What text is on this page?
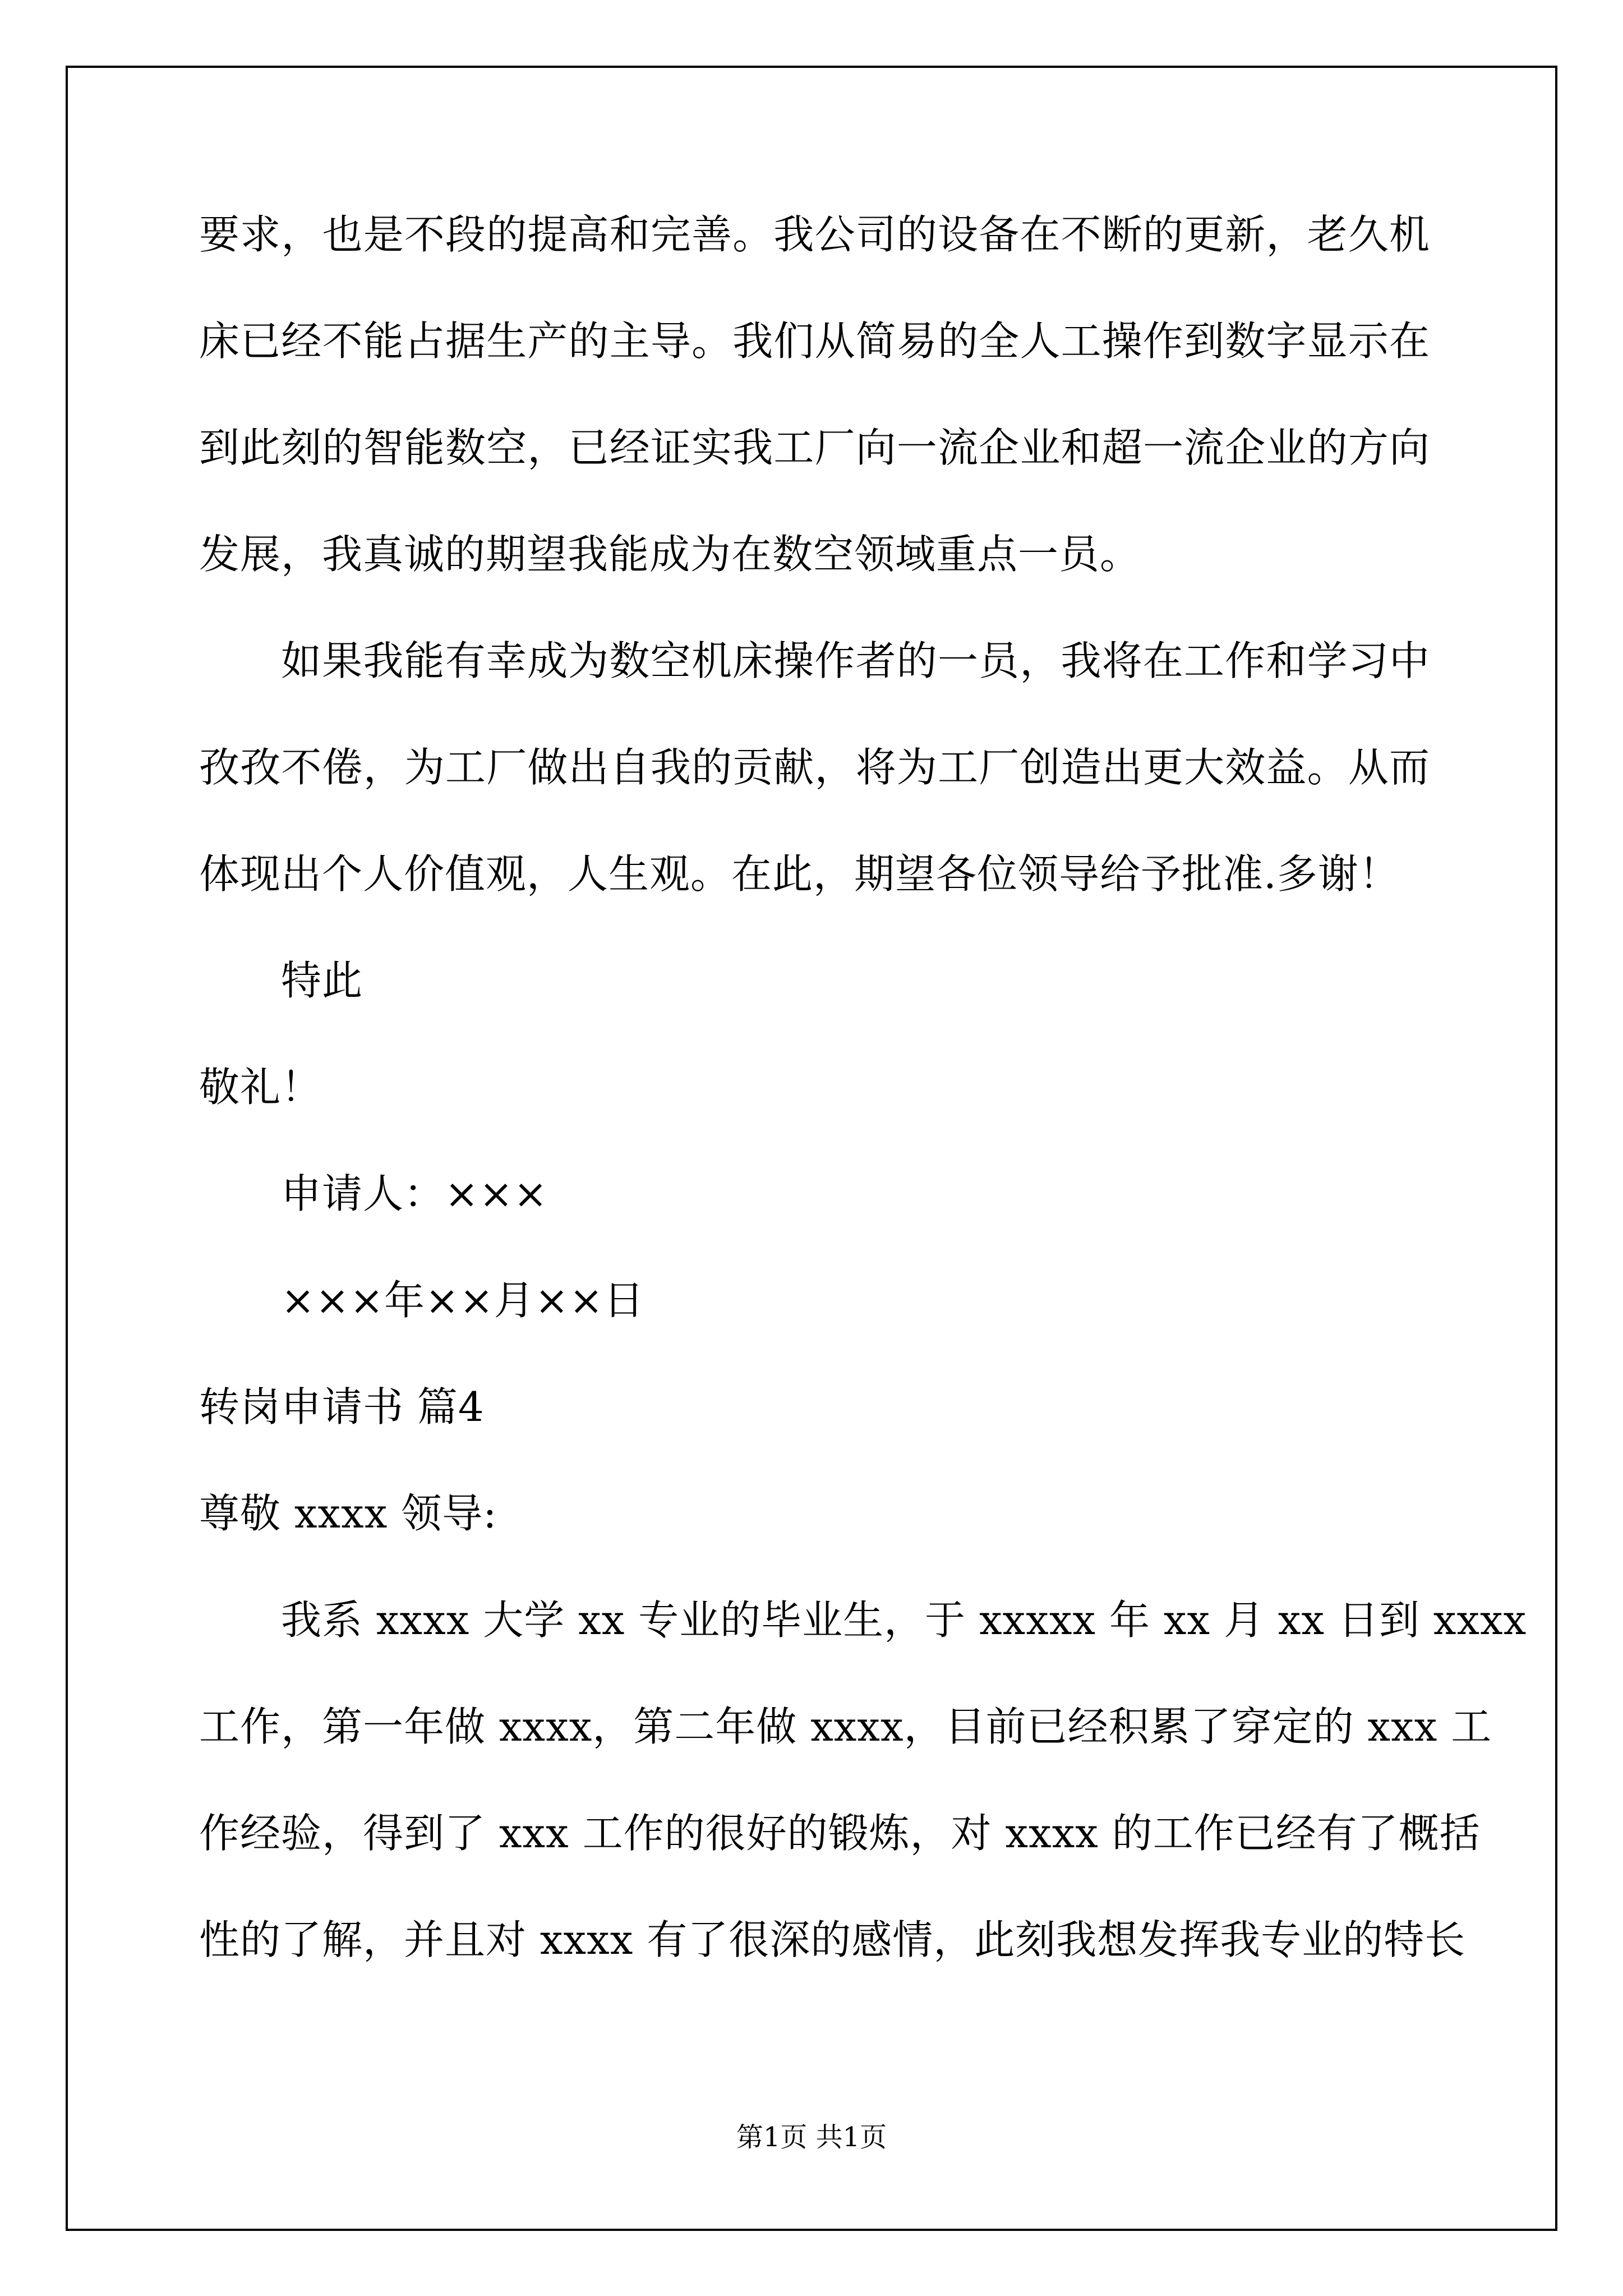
要求，也是不段的提高和完善。我公司的设备在不断的更新，老久机
床已经不能占据生产的主导。我们从简易的全人工操作到数字显示在
到此刻的智能数空，已经证实我工厂向一流企业和超一流企业的方向
发展，我真诚的期望我能成为在数空领域重点一员。
如果我能有幸成为数空机床操作者的一员，我将在工作和学习中
孜孜不倦，为工厂做出自我的贡献，将为工厂创造出更大效益。从而
体现出个人价值观，人生观。在此，期望各位领导给予批准.多谢！
特此
敬礼！
申请人：×××
×××年××月××日
转岗申请书 篇4
尊敬 xxxx 领导:
我系 xxxx 大学 xx 专业的毕业生，于 xxxxx 年 xx 月 xx 日到 xxxx
工作，第一年做 xxxx，第二年做 xxxx，目前已经积累了穿定的 xxx 工
作经验，得到了 xxx 工作的很好的锻炼，对 xxxx 的工作已经有了概括
性的了解，并且对 xxxx 有了很深的感情，此刻我想发挥我专业的特长
第1页 共1页
